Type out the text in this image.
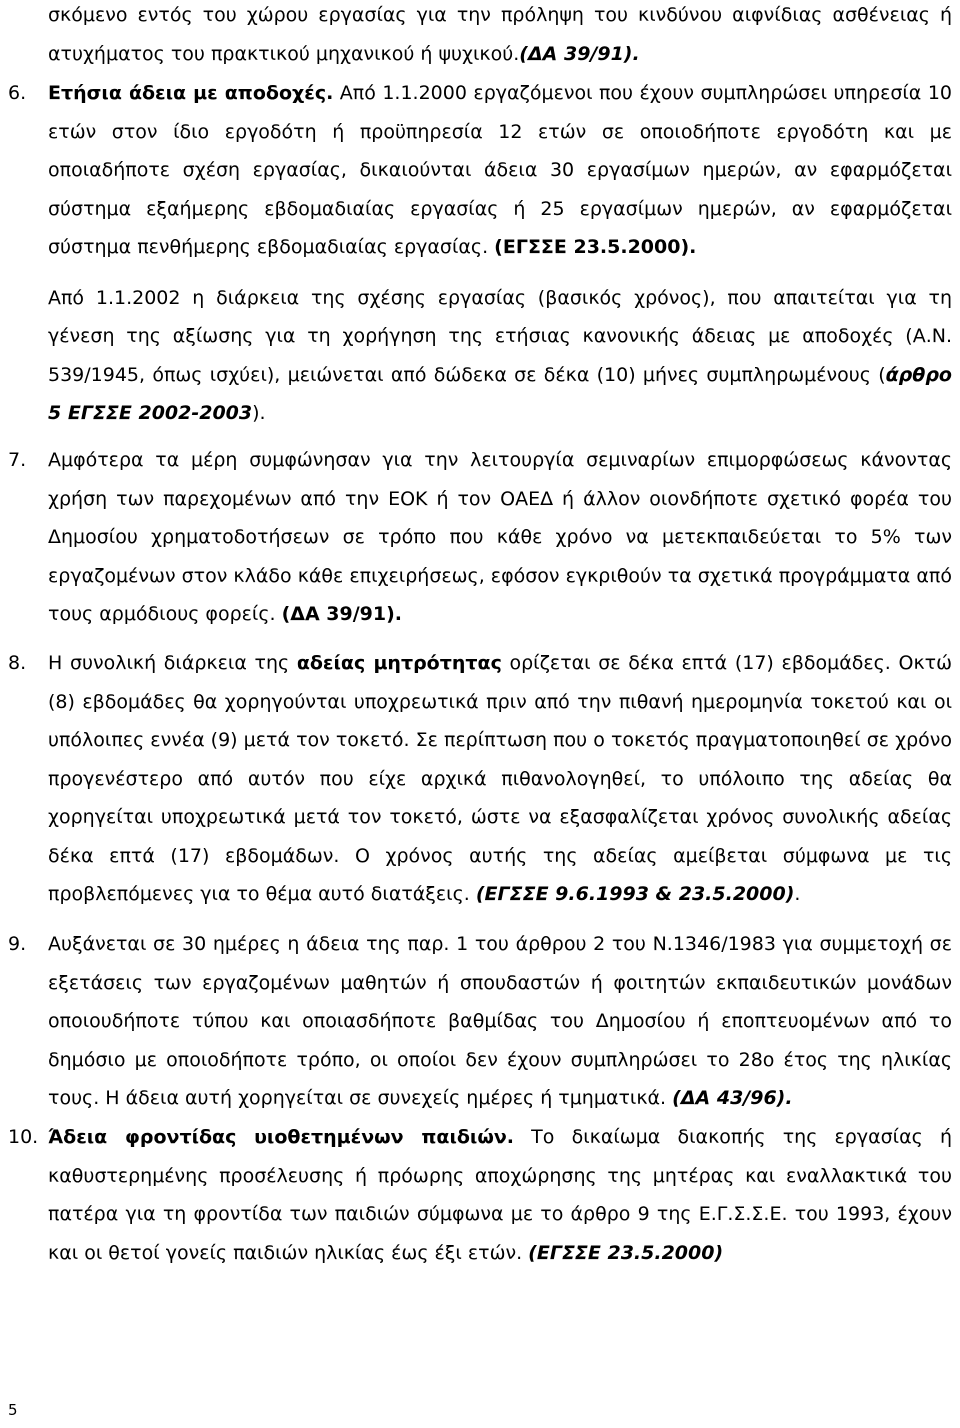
σκόμενο εντός του χώρου εργασίας για την πρόληψη του κινδύνου αιφνίδιας ασθένειας ή ατυχήματος του πρακτικού μηχανικού ή ψυχικού.(ΔΑ 39/91).
6. Ετήσια άδεια με αποδοχές. Από 1.1.2000 εργαζόμενοι που έχουν συμπληρώσει υπηρεσία 10 ετών στον ίδιο εργοδότη ή προϋπηρεσία 12 ετών σε οποιοδήποτε εργοδότη και με οποιαδήποτε σχέση εργασίας, δικαιούνται άδεια 30 εργασίμων ημερών, αν εφαρμόζεται σύστημα εξαήμερης εβδομαδιαίας εργασίας ή 25 εργασίμων ημερών, αν εφαρμόζεται σύστημα πενθήμερης εβδομαδιαίας εργασίας. (ΕΓΣΣΕ 23.5.2000).
Από 1.1.2002 η διάρκεια της σχέσης εργασίας (βασικός χρόνος), που απαιτείται για τη γένεση της αξίωσης για τη χορήγηση της ετήσιας κανονικής άδειας με αποδοχές (Α.Ν. 539/1945, όπως ισχύει), μειώνεται από δώδεκα σε δέκα (10) μήνες συμπληρωμένους (άρθρο 5 ΕΓΣΣΕ 2002-2003).
7. Αμφότερα τα μέρη συμφώνησαν για την λειτουργία σεμιναρίων επιμορφώσεως κάνοντας χρήση των παρεχομένων από την ΕΟΚ ή τον ΟΑΕΔ ή άλλον οιονδήποτε σχετικό φορέα του Δημοσίου χρηματοδοτήσεων σε τρόπο που κάθε χρόνο να μετεκπαιδεύεται το 5% των εργαζομένων στον κλάδο κάθε επιχειρήσεως, εφόσον εγκριθούν τα σχετικά προγράμματα από τους αρμόδιους φορείς. (ΔΑ 39/91).
8. Η συνολική διάρκεια της αδείας μητρότητας ορίζεται σε δέκα επτά (17) εβδομάδες. Οκτώ (8) εβδομάδες θα χορηγούνται υποχρεωτικά πριν από την πιθανή ημερομηνία τοκετού και οι υπόλοιπες εννέα (9) μετά τον τοκετό. Σε περίπτωση που ο τοκετός πραγματοποιηθεί σε χρόνο προγενέστερο από αυτόν που είχε αρχικά πιθανολογηθεί, το υπόλοιπο της αδείας θα χορηγείται υποχρεωτικά μετά τον τοκετό, ώστε να εξασφαλίζεται χρόνος συνολικής αδείας δέκα επτά (17) εβδομάδων. Ο χρόνος αυτής της αδείας αμείβεται σύμφωνα με τις προβλεπόμενες για το θέμα αυτό διατάξεις. (ΕΓΣΣΕ 9.6.1993 & 23.5.2000).
9. Αυξάνεται σε 30 ημέρες η άδεια της παρ. 1 του άρθρου 2 του Ν.1346/1983 για συμμετοχή σε εξετάσεις των εργαζομένων μαθητών ή σπουδαστών ή φοιτητών εκπαιδευτικών μονάδων οποιουδήποτε τύπου και οποιασδήποτε βαθμίδας του Δημοσίου ή εποπτευομένων από το δημόσιο με οποιοδήποτε τρόπο, οι οποίοι δεν έχουν συμπληρώσει το 28ο έτος της ηλικίας τους. Η άδεια αυτή χορηγείται σε συνεχείς ημέρες ή τμηματικά. (ΔΑ 43/96).
10. Άδεια φροντίδας υιοθετημένων παιδιών. Το δικαίωμα διακοπής της εργασίας ή καθυστερημένης προσέλευσης ή πρόωρης αποχώρησης της μητέρας και εναλλακτικά του πατέρα για τη φροντίδα των παιδιών σύμφωνα με το άρθρο 9 της Ε.Γ.Σ.Σ.Ε. του 1993, έχουν και οι θετοί γονείς παιδιών ηλικίας έως έξι ετών. (ΕΓΣΣΕ 23.5.2000)
5
